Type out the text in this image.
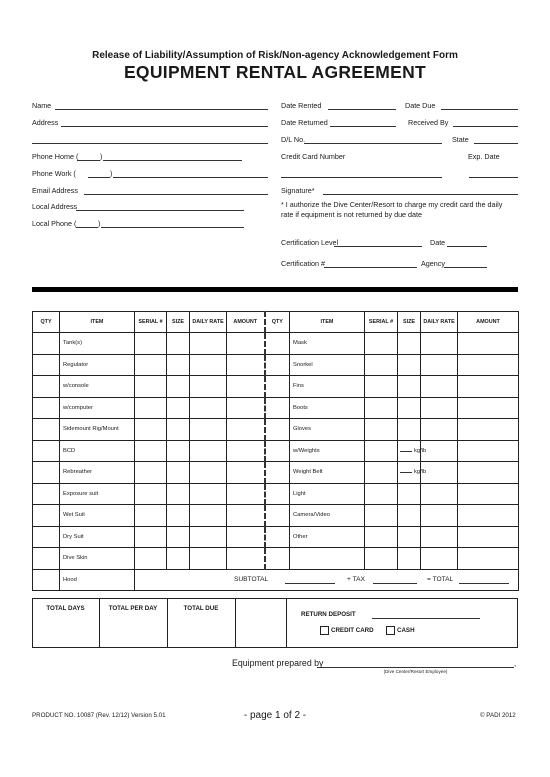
Release of Liability/Assumption of Risk/Non-agency Acknowledgement Form
EQUIPMENT RENTAL AGREEMENT
Name
Address
Phone Home (	)
Phone Work (	)
Email Address
Local Address
Local Phone (	)
Date Rented	Date Due
Date Returned	Received By
D/L No.	State
Credit Card Number	Exp. Date
Signature*
* I authorize the Dive Center/Resort to charge my credit card the daily rate if equipment is not returned by due date
Certification Level	Date
Certification #	Agency
QTY	ITEM	SERIAL #	SIZE	DAILY RATE	AMOUNT	QTY	ITEM	SERIAL #	SIZE	DAILY RATE	AMOUNT
	Tank(s)						Mask				
	Regulator						Snorkel				
	w/console						Fins				
	w/computer						Boots				
	Sidemount Rig/Mount						Gloves				
	BCD						w/Weights		kg/lb		
	Rebreather						Weight Belt		kg/lb		
	Exposure suit						Light				
	Wet Suit						Camera/Video				
	Dry Suit						Other				
	Dive Skin										
	Hood	SUBTOTAL + TAX = TOTAL									
TOTAL DAYS	TOTAL PER DAY	TOTAL DUE
RETURN DEPOSIT
CREDIT CARD	CASH
Equipment prepared by	,
(Dive Center/Resort Employee)
PRODUCT NO. 10087 (Rev. 12/12) Version 5.01	- page 1 of 2 -	© PADI 2012
